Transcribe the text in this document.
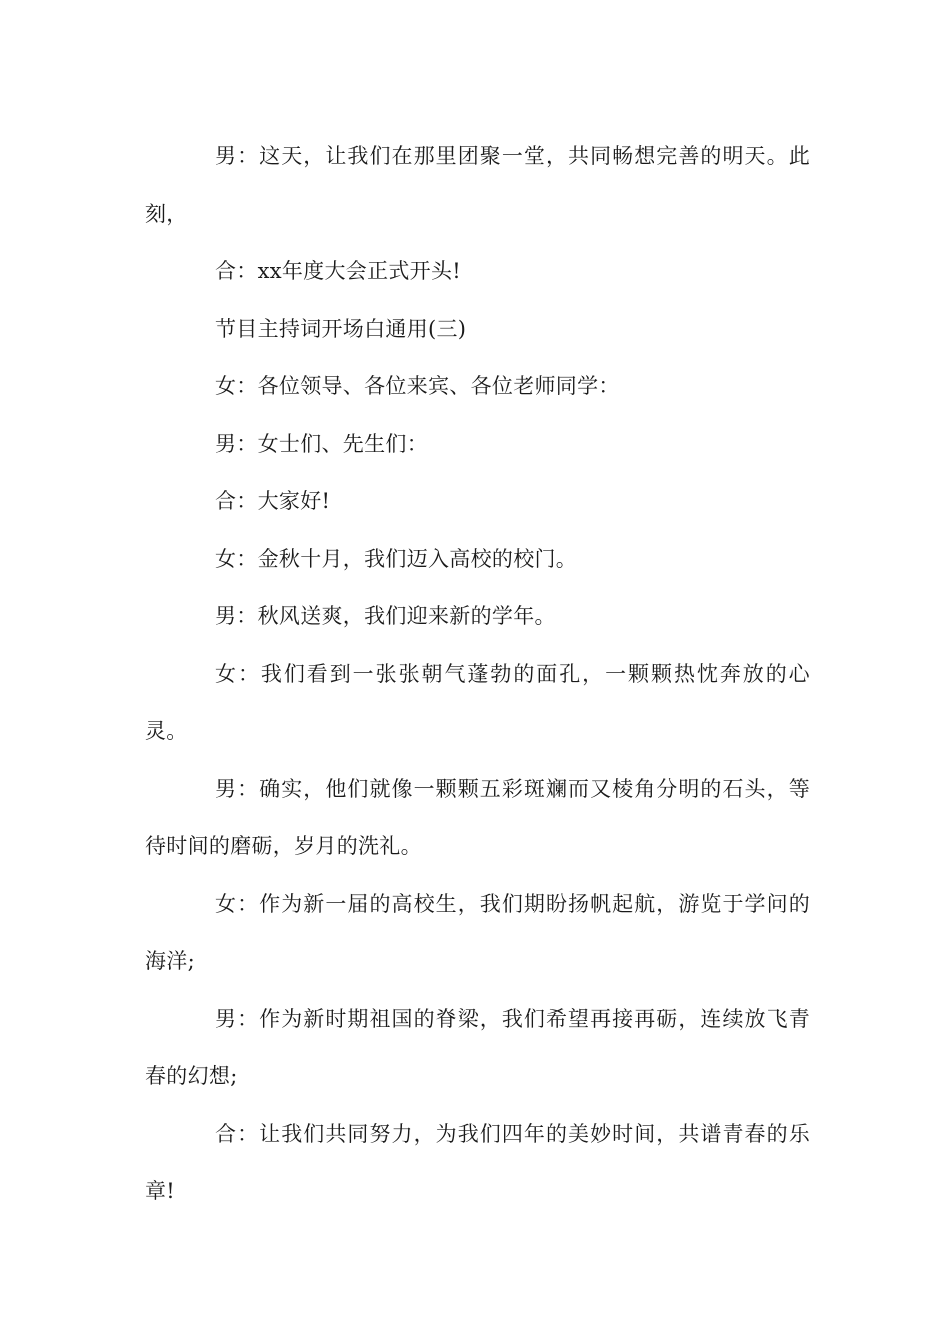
男：这天，让我们在那里团聚一堂，共同畅想完善的明天。此刻，

合：xx年度大会正式开头!

节目主持词开场白通用(三)

女：各位领导、各位来宾、各位老师同学：

男：女士们、先生们：

合：大家好!

女：金秋十月，我们迈入高校的校门。

男：秋风送爽，我们迎来新的学年。

女：我们看到一张张朝气蓬勃的面孔，一颗颗热忱奔放的心灵。

男：确实，他们就像一颗颗五彩斑斓而又棱角分明的石头，等待时间的磨砺，岁月的洗礼。

女：作为新一届的高校生，我们期盼扬帆起航，游览于学问的海洋;

男：作为新时期祖国的脊梁，我们希望再接再砺，连续放飞青春的幻想;

合：让我们共同努力，为我们四年的美妙时间，共谱青春的乐章!
